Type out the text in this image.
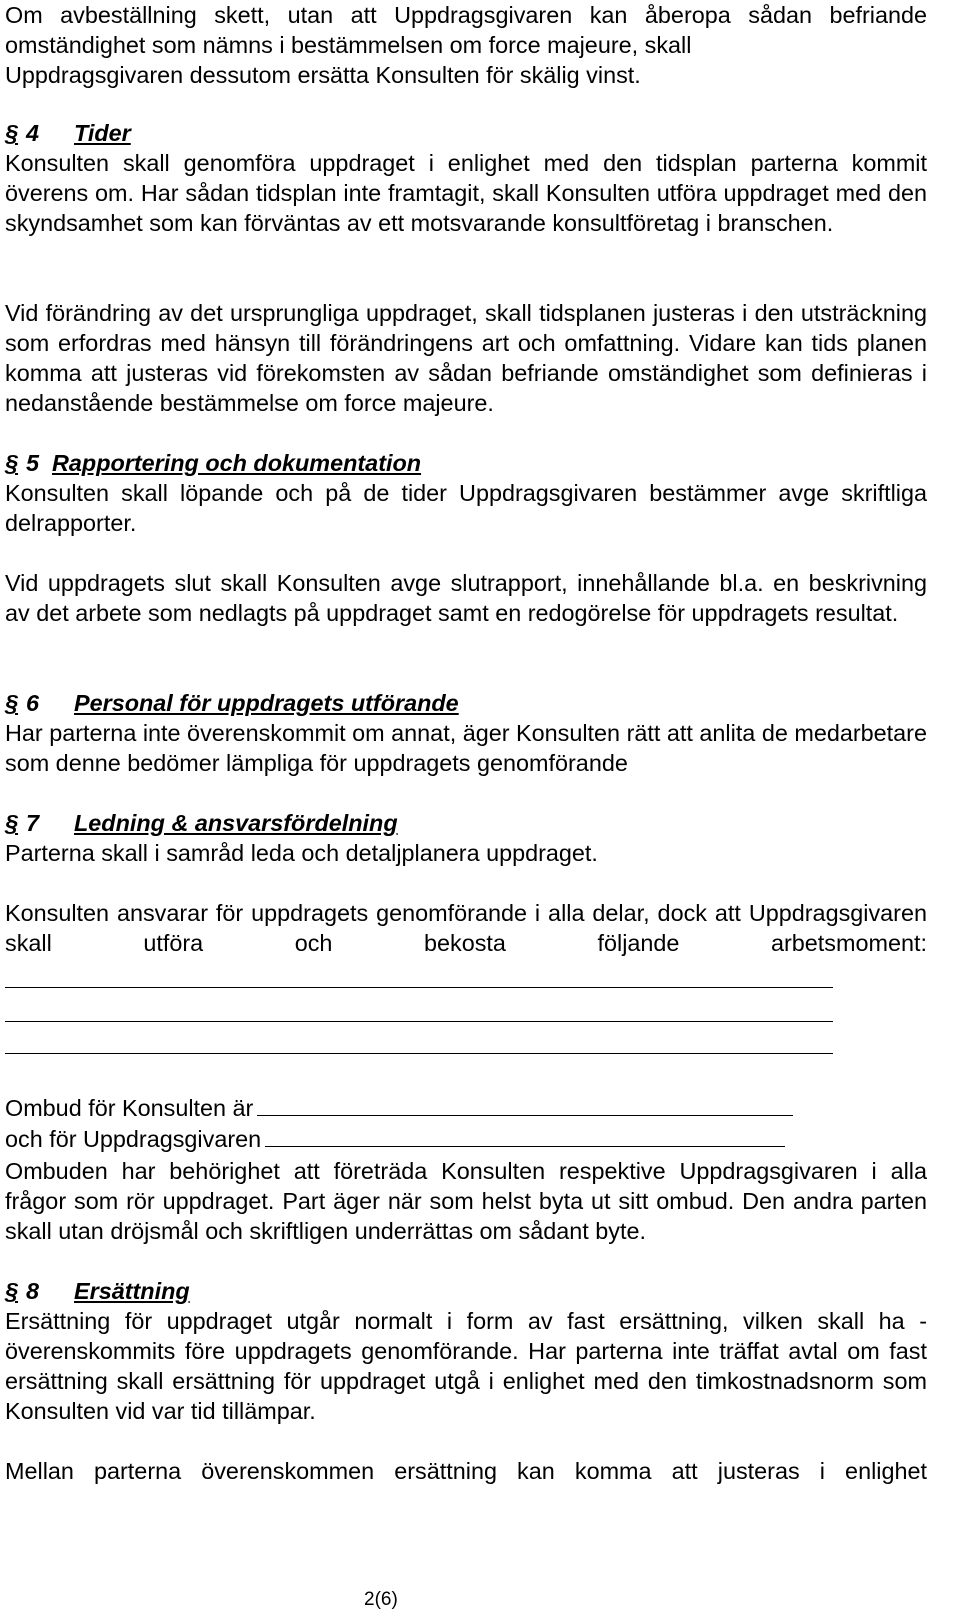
Om avbeställning skett, utan att Uppdragsgivaren kan åberopa sådan befriande omständighet som nämns i bestämmelsen om force majeure, skall
Uppdragsgivaren dessutom ersätta Konsulten för skälig vinst.
§ 4 Tider
Konsulten skall genomföra uppdraget i enlighet med den tidsplan parterna kommit överens om. Har sådan tidsplan inte framtagit, skall Konsulten utföra uppdraget med den skyndsamhet som kan förväntas av ett motsvarande konsultföretag i branschen.
Vid förändring av det ursprungliga uppdraget, skall tidsplanen justeras i den utsträckning som erfordras med hänsyn till förändringens art och omfattning. Vidare kan tids planen komma att justeras vid förekomsten av sådan befriande omständighet som definieras i nedanstående bestämmelse om force majeure.
§ 5 Rapportering och dokumentation
Konsulten skall löpande och på de tider Uppdragsgivaren bestämmer avge skriftliga delrapporter.
Vid uppdragets slut skall Konsulten avge slutrapport, innehållande bl.a. en beskrivning av det arbete som nedlagts på uppdraget samt en redogörelse för uppdragets resultat.
§ 6 Personal för uppdragets utförande
Har parterna inte överenskommit om annat, äger Konsulten rätt att anlita de medarbetare som denne bedömer lämpliga för uppdragets genomförande
§ 7 Ledning & ansvarsfördelning
Parterna skall i samråd leda och detaljplanera uppdraget.
Konsulten ansvarar för uppdragets genomförande i alla delar, dock att Uppdragsgivaren skall utföra och bekosta följande arbetsmoment:
Ombud för Konsulten är
och för Uppdragsgivaren
Ombuden har behörighet att företräda Konsulten respektive Uppdragsgivaren i alla frågor som rör uppdraget. Part äger när som helst byta ut sitt ombud. Den andra parten skall utan dröjsmål och skriftligen underrättas om sådant byte.
§ 8 Ersättning
Ersättning för uppdraget utgår normalt i form av fast ersättning, vilken skall ha - överenskommits före uppdragets genomförande. Har parterna inte träffat avtal om fast ersättning skall ersättning för uppdraget utgå i enlighet med den timkostnadsnorm som Konsulten vid var tid tillämpar.
Mellan parterna överenskommen ersättning kan komma att justeras i enlighet
2(6)
